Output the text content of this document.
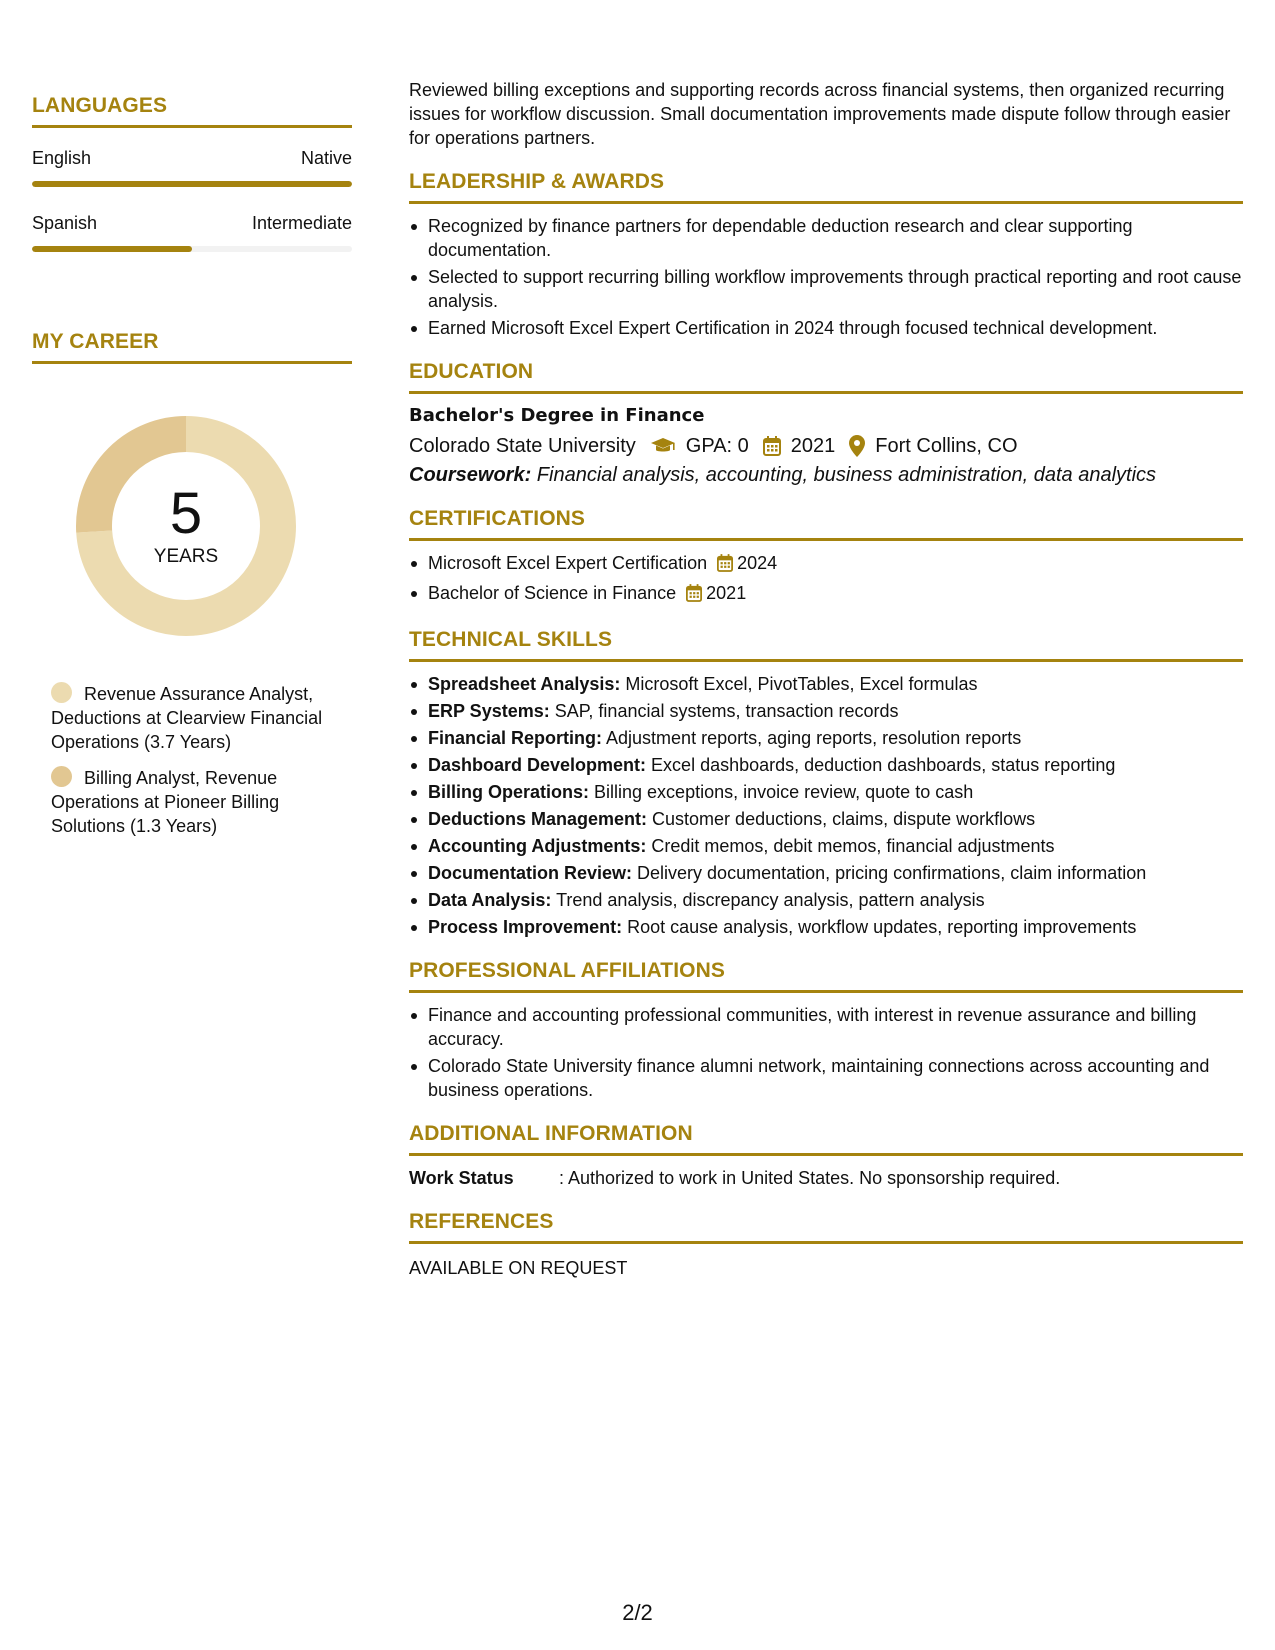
LANGUAGES
English	Native
Spanish	Intermediate
MY CAREER
5
YEARS
Revenue Assurance Analyst, Deductions at Clearview Financial Operations (3.7 Years)
Billing Analyst, Revenue Operations at Pioneer Billing Solutions (1.3 Years)
Reviewed billing exceptions and supporting records across financial systems, then organized recurring issues for workflow discussion. Small documentation improvements made dispute follow through easier for operations partners.
LEADERSHIP & AWARDS
Recognized by finance partners for dependable deduction research and clear supporting documentation.
Selected to support recurring billing workflow improvements through practical reporting and root cause analysis.
Earned Microsoft Excel Expert Certification in 2024 through focused technical development.
EDUCATION
Bachelor's Degree in Finance
Colorado State University	GPA: 0 2021 Fort Collins, CO
Coursework: Financial analysis, accounting, business administration, data analytics
CERTIFICATIONS
Microsoft Excel Expert Certification 2024
Bachelor of Science in Finance 2021
TECHNICAL SKILLS
Spreadsheet Analysis: Microsoft Excel, PivotTables, Excel formulas
ERP Systems: SAP, financial systems, transaction records
Financial Reporting: Adjustment reports, aging reports, resolution reports
Dashboard Development: Excel dashboards, deduction dashboards, status reporting
Billing Operations: Billing exceptions, invoice review, quote to cash
Deductions Management: Customer deductions, claims, dispute workflows
Accounting Adjustments: Credit memos, debit memos, financial adjustments
Documentation Review: Delivery documentation, pricing confirmations, claim information
Data Analysis: Trend analysis, discrepancy analysis, pattern analysis
Process Improvement: Root cause analysis, workflow updates, reporting improvements
PROFESSIONAL AFFILIATIONS
Finance and accounting professional communities, with interest in revenue assurance and billing accuracy.
Colorado State University finance alumni network, maintaining connections across accounting and business operations.
ADDITIONAL INFORMATION
Work Status	: Authorized to work in United States. No sponsorship required.
REFERENCES
AVAILABLE ON REQUEST
2/2
